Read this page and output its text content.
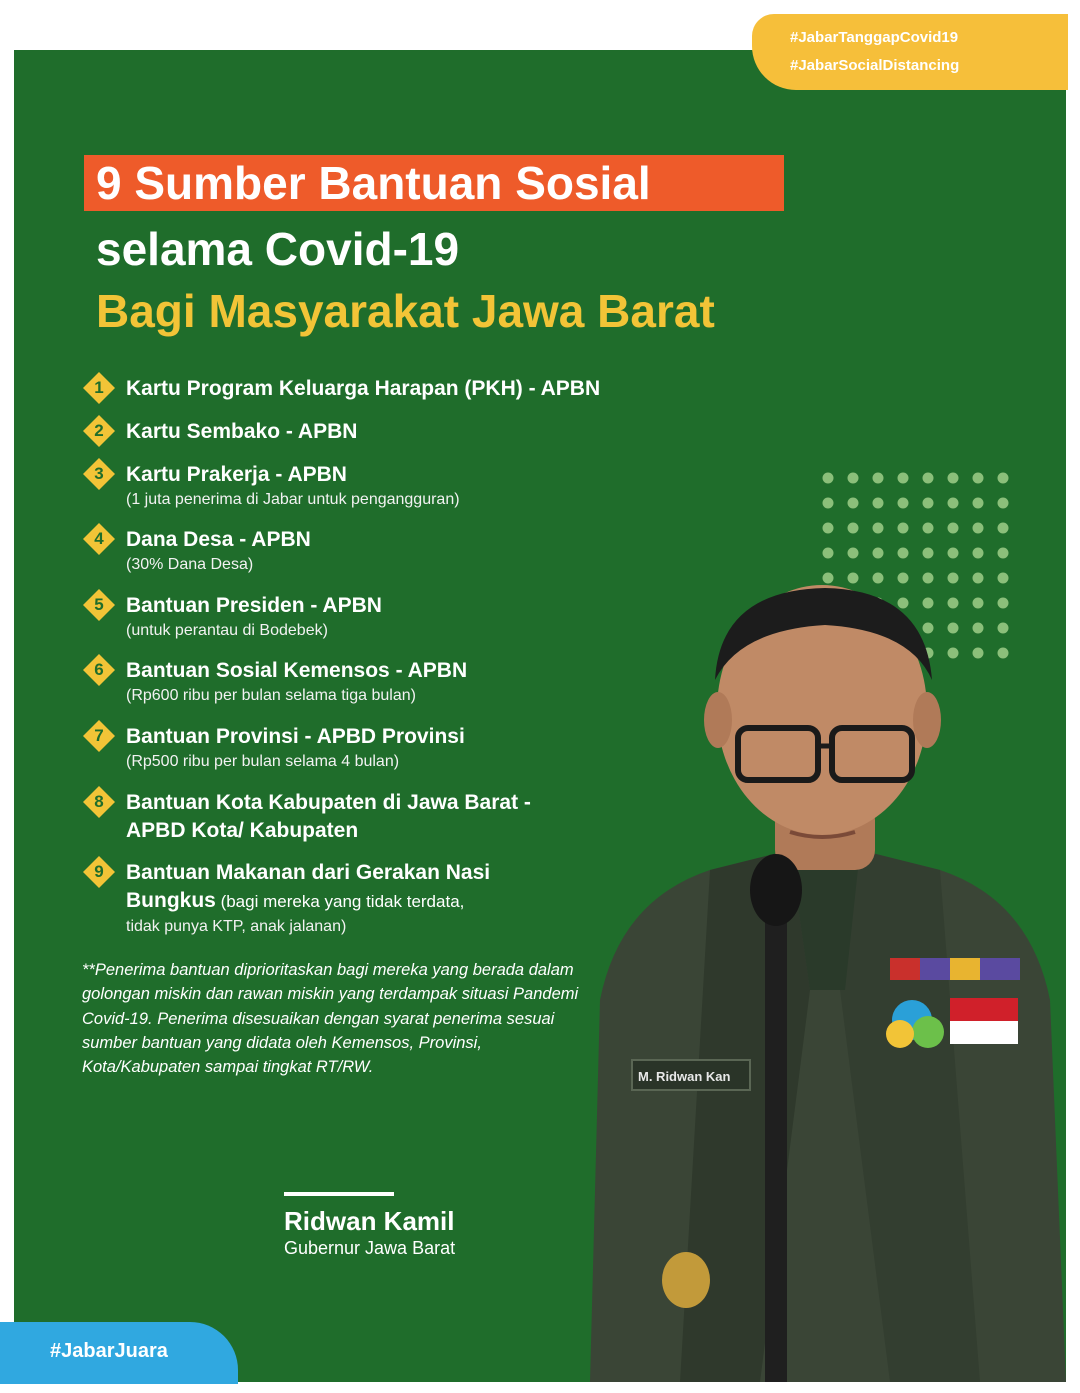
#JabarTanggapCovid19
#JabarSocialDistancing
9 Sumber Bantuan Sosial
selama Covid-19
Bagi Masyarakat Jawa Barat
1	Kartu Program Keluarga Harapan (PKH) - APBN
2	Kartu Sembako - APBN
3	Kartu Prakerja - APBN
(1 juta penerima di Jabar untuk pengangguran)
4	Dana Desa - APBN
(30% Dana Desa)
5	Bantuan Presiden - APBN
(untuk perantau di Bodebek)
6	Bantuan Sosial Kemensos - APBN
(Rp600 ribu per bulan selama tiga bulan)
7	Bantuan Provinsi - APBD Provinsi
(Rp500 ribu per bulan selama 4 bulan)
8	Bantuan Kota Kabupaten di Jawa Barat -
APBD Kota/ Kabupaten
9	Bantuan Makanan dari Gerakan Nasi
Bungkus (bagi mereka yang tidak terdata,
tidak punya KTP, anak jalanan)
**Penerima bantuan diprioritaskan bagi mereka yang berada dalam golongan miskin dan rawan miskin yang terdampak situasi Pandemi Covid-19. Penerima disesuaikan dengan syarat penerima sesuai sumber bantuan yang didata oleh Kemensos, Provinsi, Kota/Kabupaten sampai tingkat RT/RW.
Ridwan Kamil
Gubernur Jawa Barat
M. Ridwan Kan
#JabarJuara
